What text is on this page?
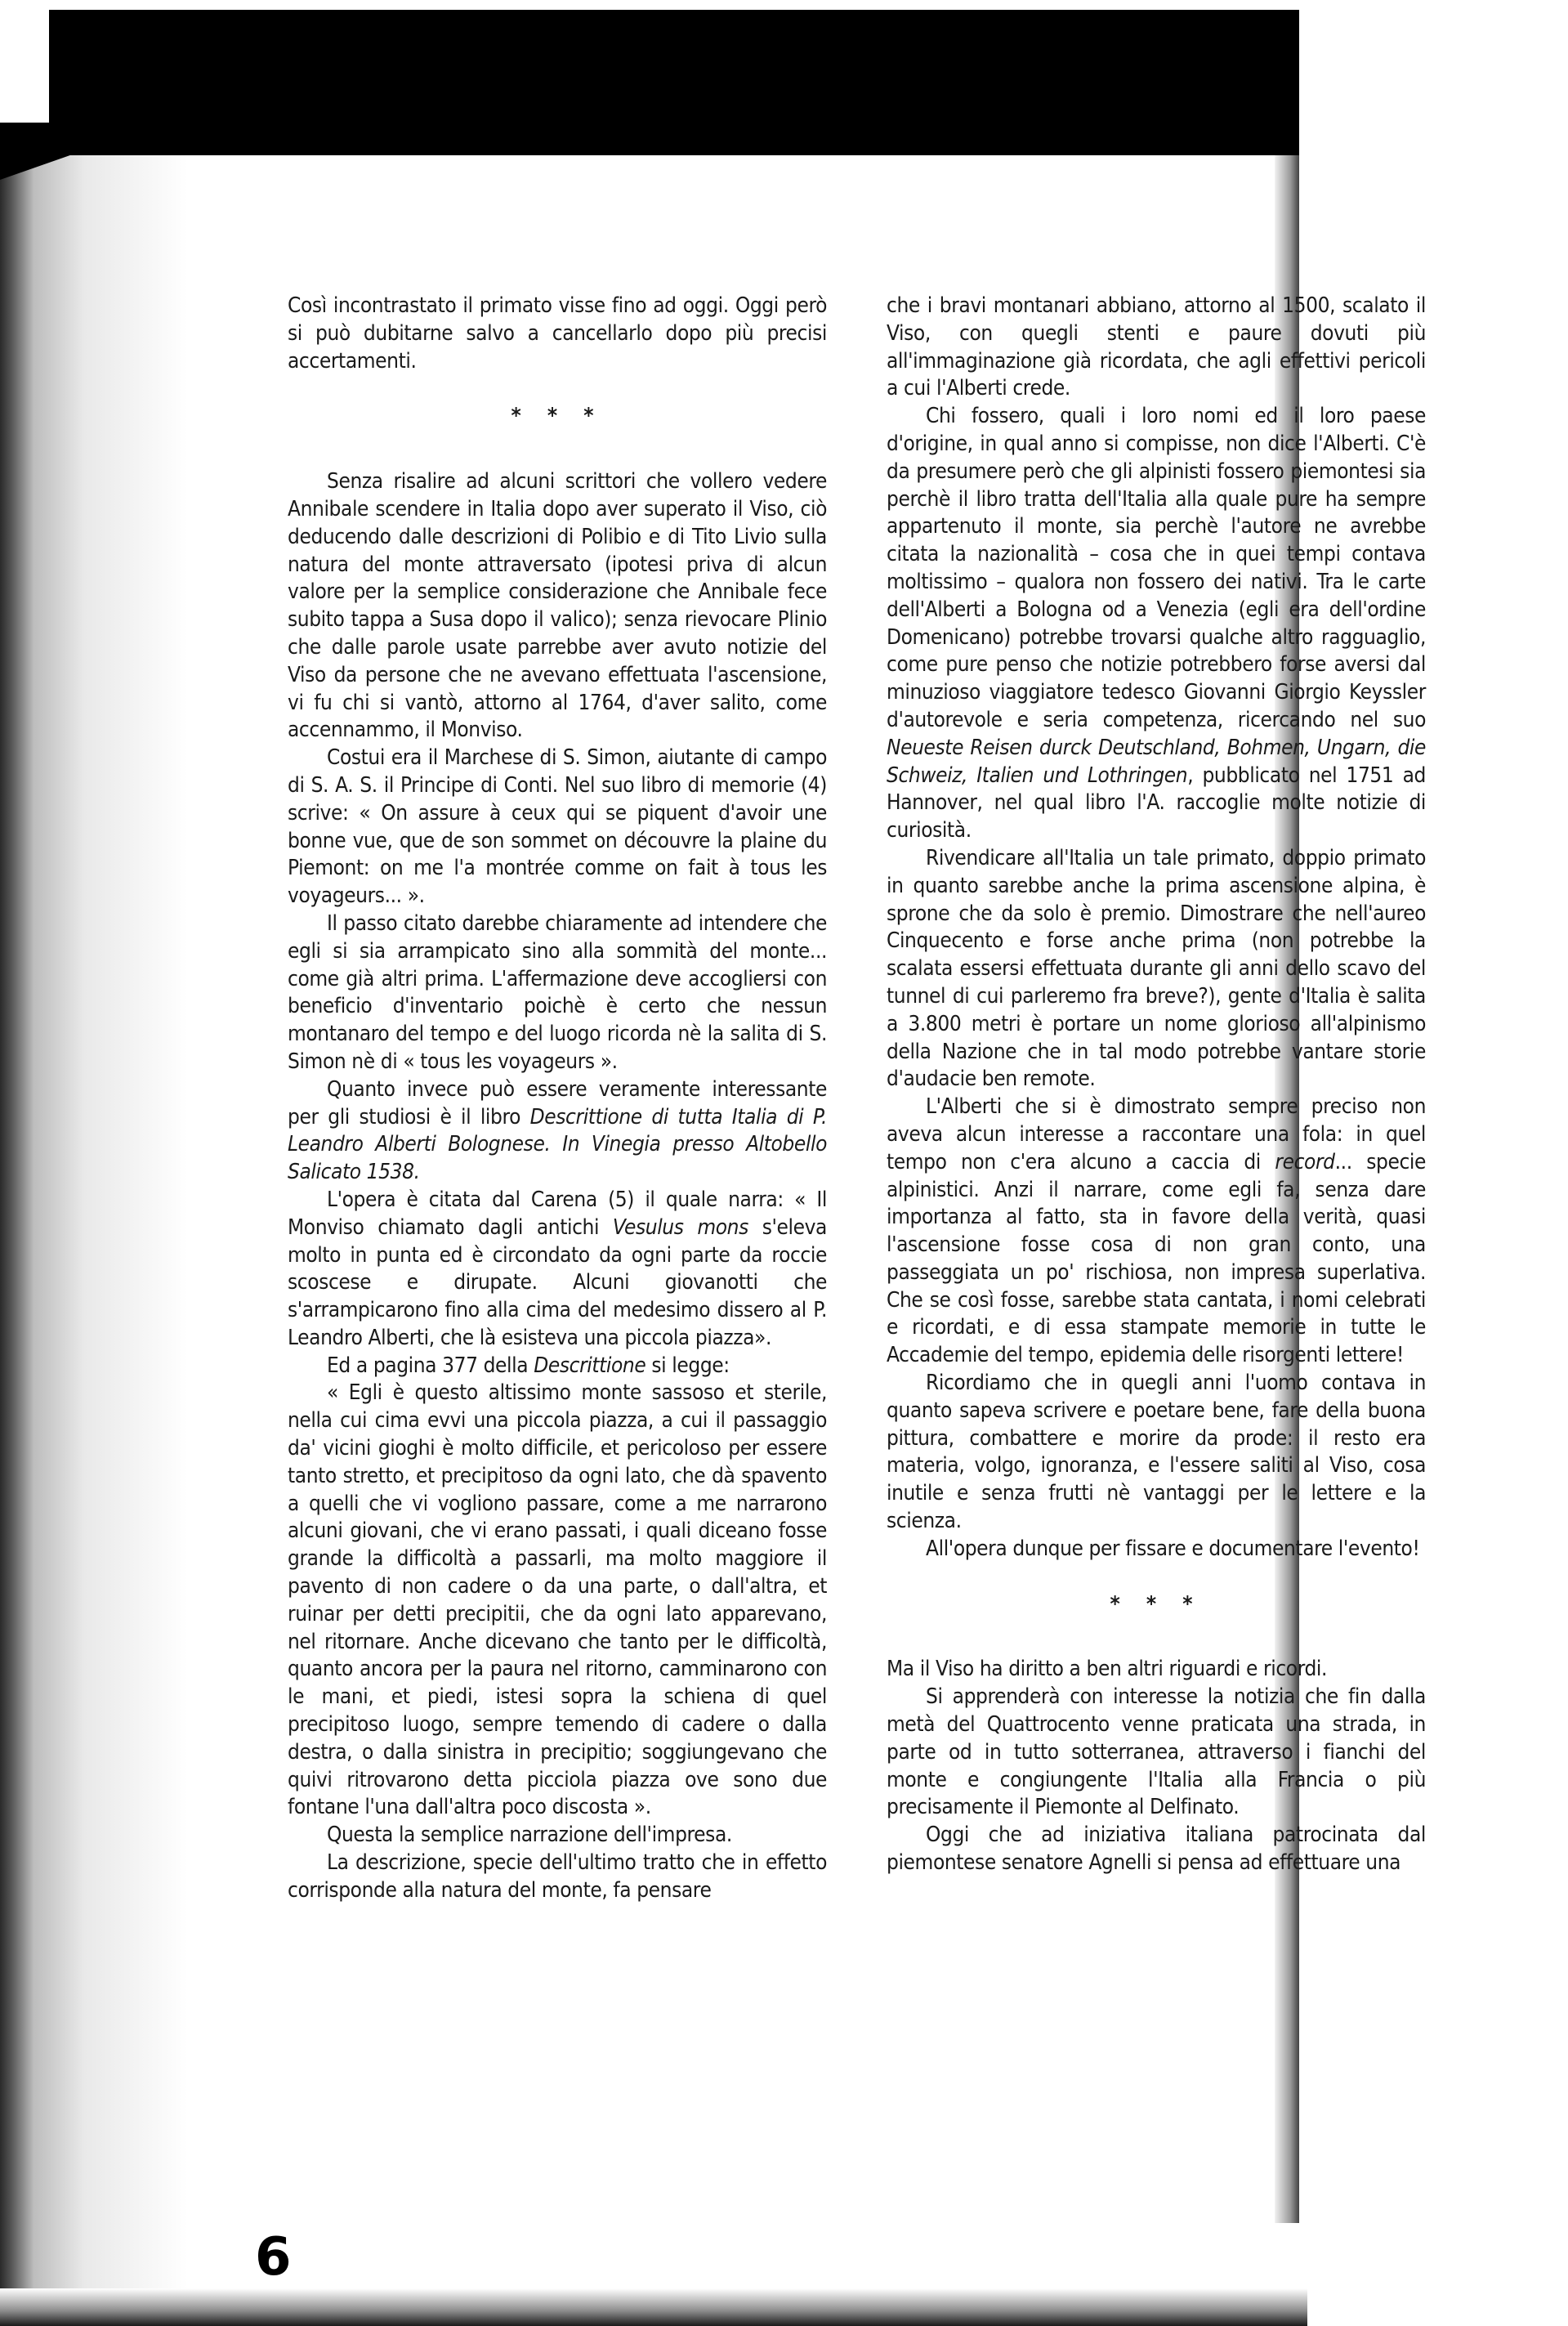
Così incontrastato il primato visse fino ad oggi. Oggi però si può dubitarne salvo a cancellarlo dopo più precisi accertamenti.

* * *

Senza risalire ad alcuni scrittori che vollero vedere Annibale scendere in Italia dopo aver superato il Viso, ciò deducendo dalle descrizioni di Polibio e di Tito Livio sulla natura del monte attraversato (ipotesi priva di alcun valore per la semplice considerazione che Annibale fece subito tappa a Susa dopo il valico); senza rievocare Plinio che dalle parole usate parrebbe aver avuto notizie del Viso da persone che ne avevano effettuata l'ascensione, vi fu chi si vantò, attorno al 1764, d'aver salito, come accennammo, il Monviso.

Costui era il Marchese di S. Simon, aiutante di campo di S. A. S. il Principe di Conti. Nel suo libro di memorie (4) scrive: « On assure à ceux qui se piquent d'avoir une bonne vue, que de son sommet on découvre la plaine du Piemont: on me l'a montrée comme on fait à tous les voyageurs... ».

Il passo citato darebbe chiaramente ad intendere che egli si sia arrampicato sino alla sommità del monte... come già altri prima. L'affermazione deve accogliersi con beneficio d'inventario poichè è certo che nessun montanaro del tempo e del luogo ricorda nè la salita di S. Simon nè di « tous les voyageurs ».

Quanto invece può essere veramente interessante per gli studiosi è il libro Descrittione di tutta Italia di P. Leandro Alberti Bolognese. In Vinegia presso Altobello Salicato 1538.

L'opera è citata dal Carena (5) il quale narra: « Il Monviso chiamato dagli antichi Vesulus mons s'eleva molto in punta ed è circondato da ogni parte da roccie scoscese e dirupate. Alcuni giovanotti che s'arrampicarono fino alla cima del medesimo dissero al P. Leandro Alberti, che là esisteva una piccola piazza».

Ed a pagina 377 della Descrittione si legge:

« Egli è questo altissimo monte sassoso et sterile, nella cui cima evvi una piccola piazza, a cui il passaggio da' vicini gioghi è molto difficile, et pericoloso per essere tanto stretto, et precipitoso da ogni lato, che dà spavento a quelli che vi vogliono passare, come a me narrarono alcuni giovani, che vi erano passati, i quali diceano fosse grande la difficoltà a passarli, ma molto maggiore il pavento di non cadere o da una parte, o dall'altra, et ruinar per detti precipitii, che da ogni lato apparevano, nel ritornare. Anche dicevano che tanto per le difficoltà, quanto ancora per la paura nel ritorno, camminarono con le mani, et piedi, istesi sopra la schiena di quel precipitoso luogo, sempre temendo di cadere o dalla destra, o dalla sinistra in precipitio; soggiungevano che quivi ritrovarono detta picciola piazza ove sono due fontane l'una dall'altra poco discosta ».

Questa la semplice narrazione dell'impresa.

La descrizione, specie dell'ultimo tratto che in effetto corrisponde alla natura del monte, fa pensare

che i bravi montanari abbiano, attorno al 1500, scalato il Viso, con quegli stenti e paure dovuti più all'immaginazione già ricordata, che agli effettivi pericoli a cui l'Alberti crede.

Chi fossero, quali i loro nomi ed il loro paese d'origine, in qual anno si compisse, non dice l'Alberti. C'è da presumere però che gli alpinisti fossero piemontesi sia perchè il libro tratta dell'Italia alla quale pure ha sempre appartenuto il monte, sia perchè l'autore ne avrebbe citata la nazionalità – cosa che in quei tempi contava moltissimo – qualora non fossero dei nativi. Tra le carte dell'Alberti a Bologna od a Venezia (egli era dell'ordine Domenicano) potrebbe trovarsi qualche altro ragguaglio, come pure penso che notizie potrebbero forse aversi dal minuzioso viaggiatore tedesco Giovanni Giorgio Keyssler d'autorevole e seria competenza, ricercando nel suo Neueste Reisen durck Deutschland, Bohmen, Ungarn, die Schweiz, Italien und Lothringen, pubblicato nel 1751 ad Hannover, nel qual libro l'A. raccoglie molte notizie di curiosità.

Rivendicare all'Italia un tale primato, doppio primato in quanto sarebbe anche la prima ascensione alpina, è sprone che da solo è premio. Dimostrare che nell'aureo Cinquecento e forse anche prima (non potrebbe la scalata essersi effettuata durante gli anni dello scavo del tunnel di cui parleremo fra breve?), gente d'Italia è salita a 3.800 metri è portare un nome glorioso all'alpinismo della Nazione che in tal modo potrebbe vantare storie d'audacie ben remote.

L'Alberti che si è dimostrato sempre preciso non aveva alcun interesse a raccontare una fola: in quel tempo non c'era alcuno a caccia di record... specie alpinistici. Anzi il narrare, come egli fa, senza dare importanza al fatto, sta in favore della verità, quasi l'ascensione fosse cosa di non gran conto, una passeggiata un po' rischiosa, non impresa superlativa. Che se così fosse, sarebbe stata cantata, i nomi celebrati e ricordati, e di essa stampate memorie in tutte le Accademie del tempo, epidemia delle risorgenti lettere!

Ricordiamo che in quegli anni l'uomo contava in quanto sapeva scrivere e poetare bene, fare della buona pittura, combattere e morire da prode: il resto era materia, volgo, ignoranza, e l'essere saliti al Viso, cosa inutile e senza frutti nè vantaggi per le lettere e la scienza.

All'opera dunque per fissare e documentare l'evento!

* * *

Ma il Viso ha diritto a ben altri riguardi e ricordi.

Si apprenderà con interesse la notizia che fin dalla metà del Quattrocento venne praticata una strada, in parte od in tutto sotterranea, attraverso i fianchi del monte e congiungente l'Italia alla Francia o più precisamente il Piemonte al Delfinato.

Oggi che ad iniziativa italiana patrocinata dal piemontese senatore Agnelli si pensa ad effettuare una

6
